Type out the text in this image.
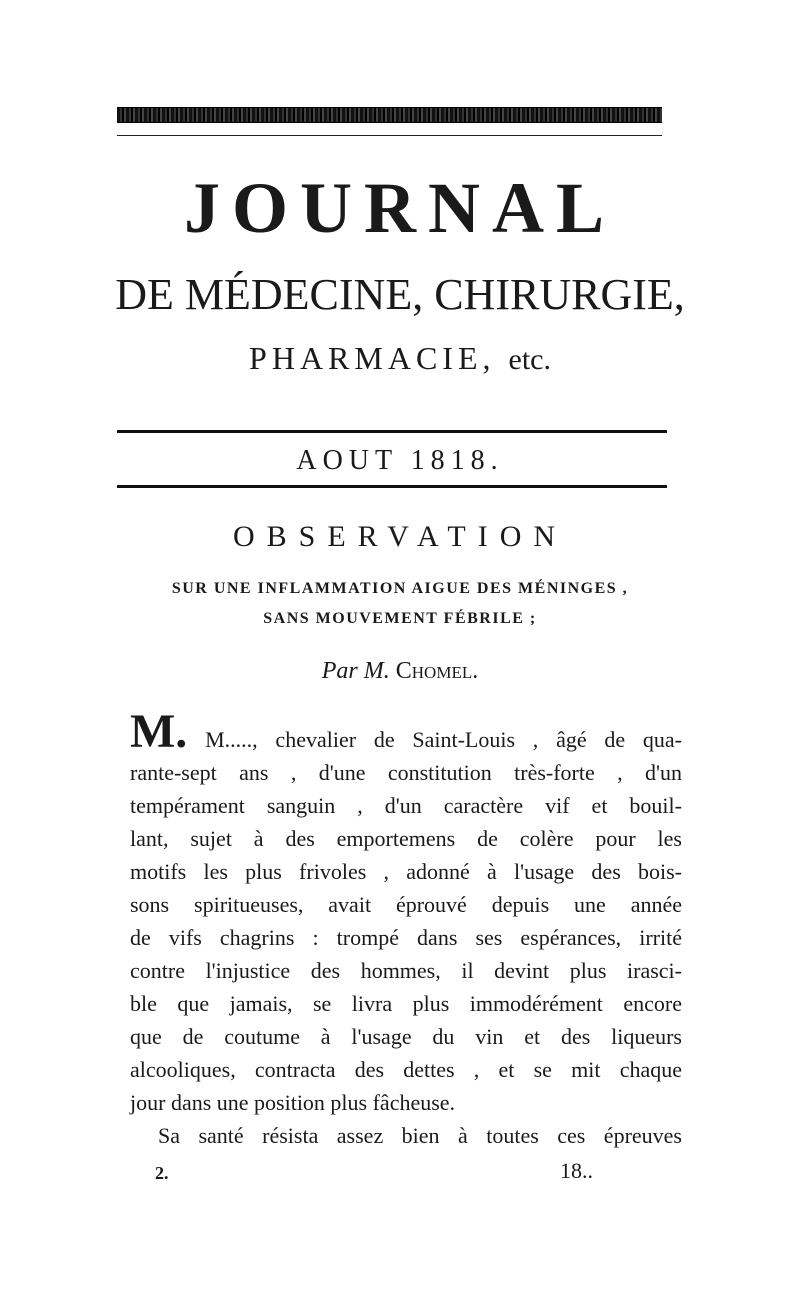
JOURNAL
DE MÉDECINE, CHIRURGIE,
PHARMACIE, etc.
AOUT 1818.
OBSERVATION
SUR UNE INFLAMMATION AIGUE DES MÉNINGES ,
SANS MOUVEMENT FÉBRILE ;
Par M. Chomel.
M. M....., chevalier de Saint-Louis , âgé de qua-
rante-sept ans , d'une constitution très-forte , d'un
tempérament sanguin , d'un caractère vif et bouil-
lant, sujet à des emportemens de colère pour les
motifs les plus frivoles , adonné à l'usage des bois-
sons spiritueuses, avait éprouvé depuis une année
de vifs chagrins : trompé dans ses espérances, irrité
contre l'injustice des hommes, il devint plus irasci-
ble que jamais, se livra plus immodérément encore
que de coutume à l'usage du vin et des liqueurs
alcooliques, contracta des dettes , et se mit chaque
jour dans une position plus fâcheuse.
Sa santé résista assez bien à toutes ces épreuves
2.	18..
